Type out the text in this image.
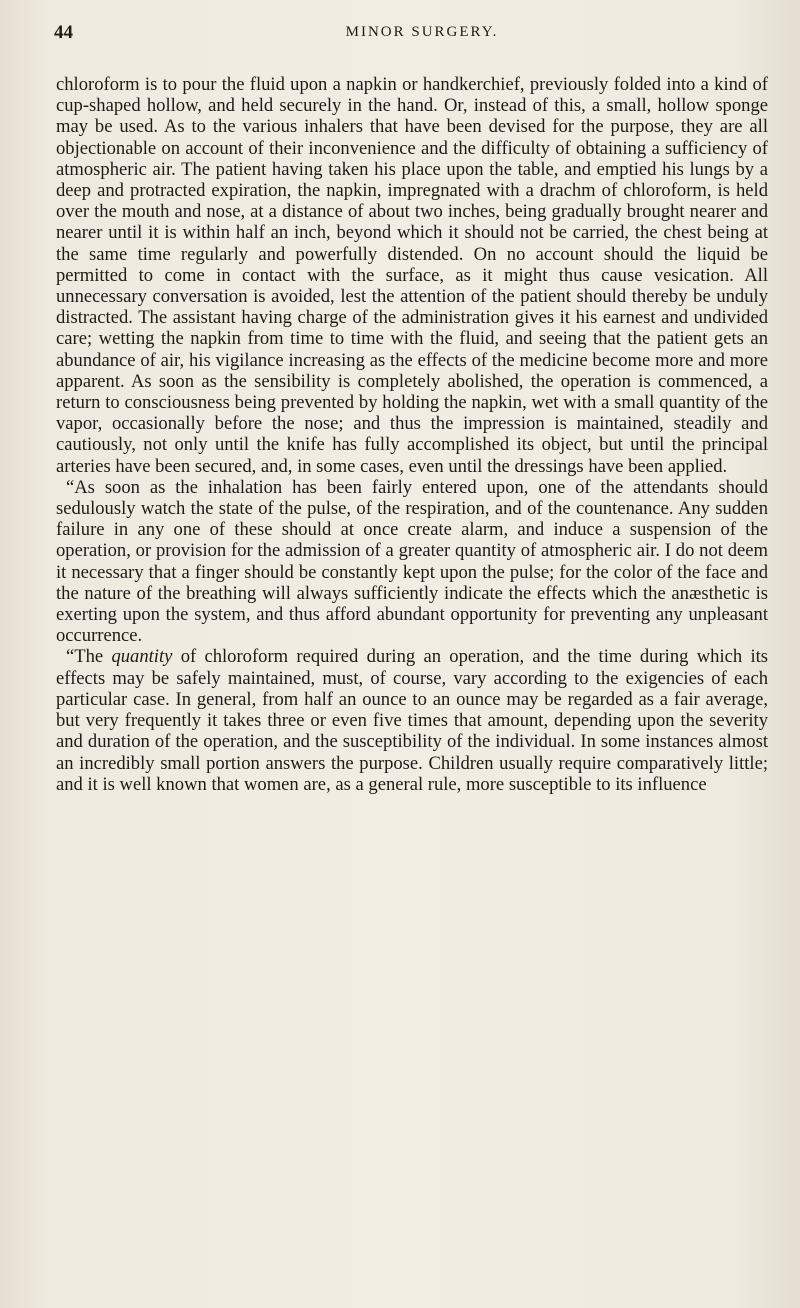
44	MINOR SURGERY.

chloroform is to pour the fluid upon a napkin or handkerchief, previously folded into a kind of cup-shaped hollow, and held securely in the hand. Or, instead of this, a small, hollow sponge may be used. As to the various inhalers that have been devised for the purpose, they are all objectionable on account of their inconvenience and the difficulty of obtaining a sufficiency of atmospheric air. The patient having taken his place upon the table, and emptied his lungs by a deep and protracted expiration, the napkin, impregnated with a drachm of chloroform, is held over the mouth and nose, at a distance of about two inches, being gradually brought nearer and nearer until it is within half an inch, beyond which it should not be carried, the chest being at the same time regularly and powerfully distended. On no account should the liquid be permitted to come in contact with the surface, as it might thus cause vesication. All unnecessary conversation is avoided, lest the attention of the patient should thereby be unduly distracted. The assistant having charge of the administration gives it his earnest and undivided care; wetting the napkin from time to time with the fluid, and seeing that the patient gets an abundance of air, his vigilance increasing as the effects of the medicine become more and more apparent. As soon as the sensibility is completely abolished, the operation is commenced, a return to consciousness being prevented by holding the napkin, wet with a small quantity of the vapor, occasionally before the nose; and thus the impression is maintained, steadily and cautiously, not only until the knife has fully accomplished its object, but until the principal arteries have been secured, and, in some cases, even until the dressings have been applied.

“As soon as the inhalation has been fairly entered upon, one of the attendants should sedulously watch the state of the pulse, of the respiration, and of the countenance. Any sudden failure in any one of these should at once create alarm, and induce a suspension of the operation, or provision for the admission of a greater quantity of atmospheric air. I do not deem it necessary that a finger should be constantly kept upon the pulse; for the color of the face and the nature of the breathing will always sufficiently indicate the effects which the anæsthetic is exerting upon the system, and thus afford abundant opportunity for preventing any unpleasant occurrence.

“The quantity of chloroform required during an operation, and the time during which its effects may be safely maintained, must, of course, vary according to the exigencies of each particular case. In general, from half an ounce to an ounce may be regarded as a fair average, but very frequently it takes three or even five times that amount, depending upon the severity and duration of the operation, and the susceptibility of the individual. In some instances almost an incredibly small portion answers the purpose. Children usually require comparatively little; and it is well known that women are, as a general rule, more susceptible to its influence
